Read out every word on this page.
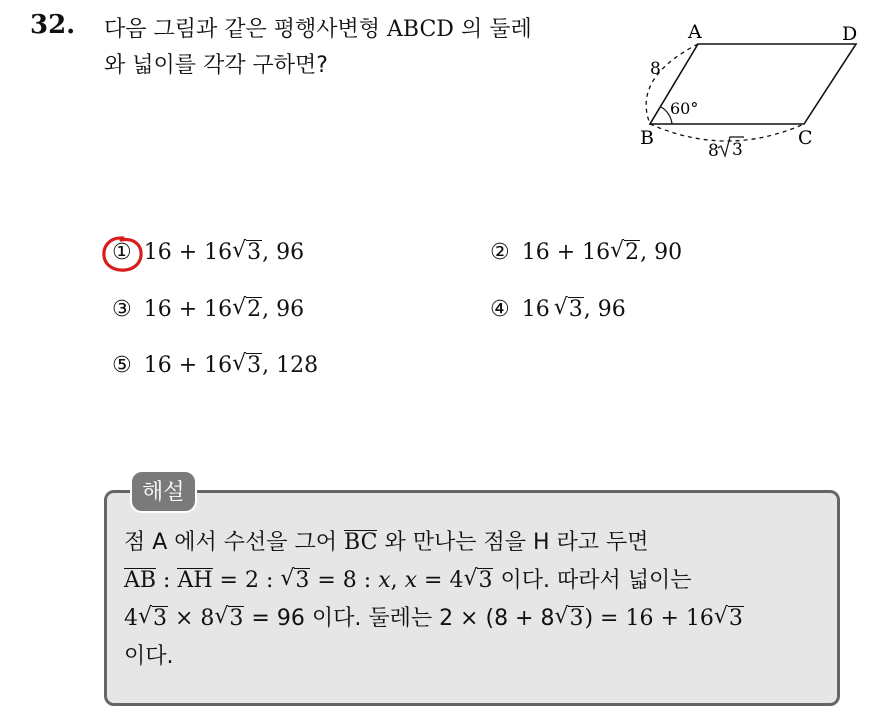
32. 다음 그림과 같은 평행사변형 ABCD 의 둘레
와 넓이를 각각 구하면?
A	D
B	C
8
60°
8 3
① 16 + 16 √ 3 , 96	② 16 + 16 √ 2 , 90
③ 16 + 16 √ 2 , 96	④ 16 √ 3 , 96
⑤ 16 + 16 √ 3 , 128
해설
점 A 에서 수선을 그어 BC 와 만나는 점을 H 라고 두면
AB : AH = 2 : √ 3 = 8 : x, x = 4 √ 3 이다. 따라서 넓이는
4 √ 3 × 8 √ 3 = 96 이다. 둘레는 2 × (8 + 8 √ 3) = 16 + 16 √ 3
이다.
